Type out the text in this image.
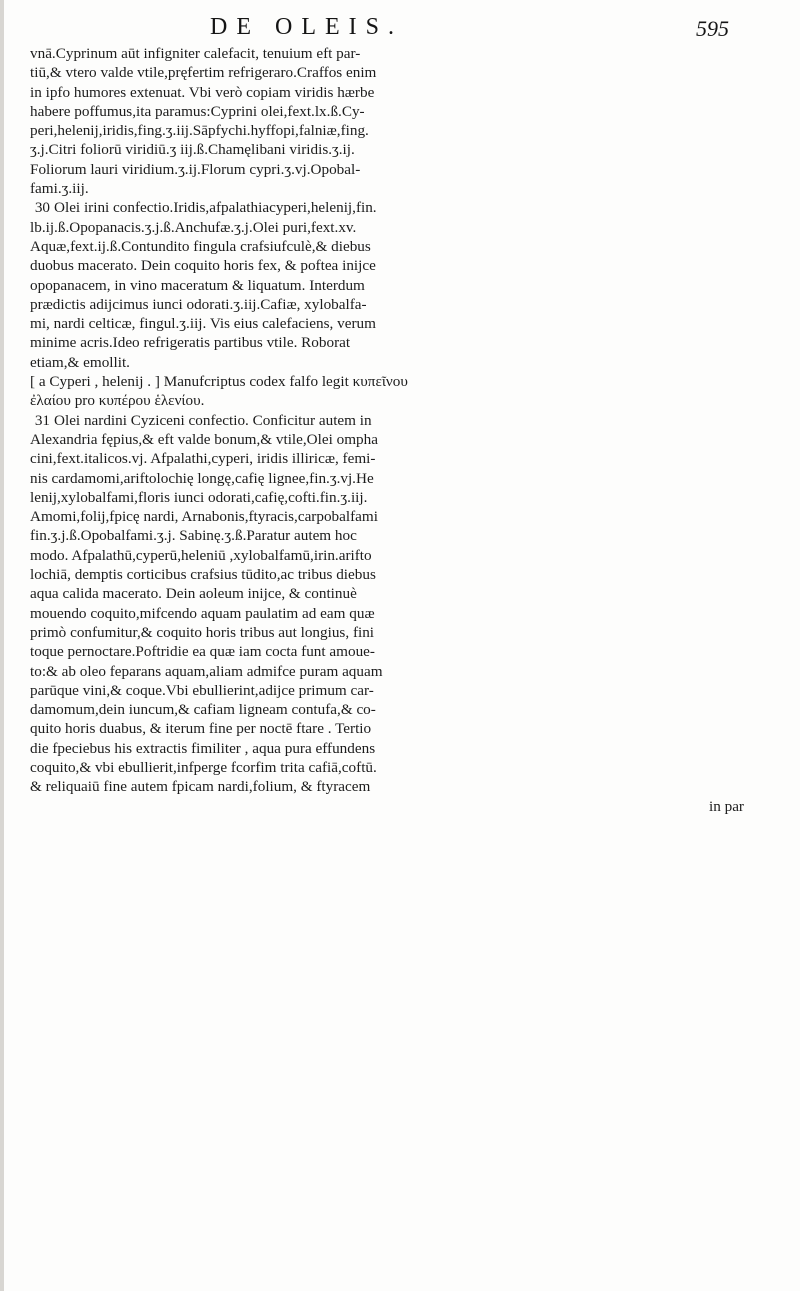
DE OLEIS.	595
vnā.Cyprinum aūt infigniter calefacit, tenuium eft par-
tiū,& vtero valde vtile,pręfertim refrigeraro.Craffos enim
in ipfo humores extenuat. Vbi verò copiam viridis hærbe
habere poffumus,ita paramus:Cyprini olei,fext.lx.ß.Cy-
peri,helenij,iridis,fing.ʒ.iij.Sāpfychi.hyffopi,falniæ,fing.
ʒ.j.Citri foliorū viridiū.ʒ iij.ß.Chamęlibani viridis.ʒ.ij.
Foliorum lauri viridium.ʒ.ij.Florum cypri.ʒ.vj.Opobal-
fami.ʒ.iij.
30 Olei irini confectio.Iridis,afpalathiacyperi,helenij,fin.
lb.ij.ß.Opopanacis.ʒ.j.ß.Anchufæ.ʒ.j.Olei puri,fext.xv.
Aquæ,fext.ij.ß.Contundito fingula crafsiufculè,& diebus
duobus macerato. Dein coquito horis fex, & poftea inijce
opopanacem, in vino maceratum & liquatum. Interdum
prædictis adijcimus iunci odorati.ʒ.iij.Cafiæ, xylobalfa-
mi, nardi celticæ, fingul.ʒ.iij. Vis eius calefaciens, verum
minime acris.Ideo refrigeratis partibus vtile. Roborat
etiam,& emollit.
[ a Cyperi , helenij . ] Manufcriptus codex falfo legit κυπεῖνου
ἐλαίου pro κυπέρου ἑλενίου.
31 Olei nardini Cyziceni confectio. Conficitur autem in
Alexandria fępius,& eft valde bonum,& vtile,Olei ompha
cini,fext.italicos.vj. Afpalathi,cyperi, iridis illiricæ, femi-
nis cardamomi,ariftolochię longę,cafię lignee,fin.ʒ.vj.He
lenij,xylobalfami,floris iunci odorati,cafię,cofti.fin.ʒ.iij.
Amomi,folij,fpicę nardi, Arnabonis,ftyracis,carpobalfami
fin.ʒ.j.ß.Opobalfami.ʒ.j. Sabinę.ʒ.ß.Paratur autem hoc
modo. Afpalathū,cyperū,heleniū ,xylobalfamū,irin.arifto
lochiā, demptis corticibus crafsius tūdito,ac tribus diebus
aqua calida macerato. Dein aoleum inijce, & continuè
mouendo coquito,mifcendo aquam paulatim ad eam quæ
primò confumitur,& coquito horis tribus aut longius, fini
toque pernoctare.Poftridie ea quæ iam cocta funt amoue-
to:& ab oleo feparans aquam,aliam admifce puram aquam
parūque vini,& coque.Vbi ebullierint,adijce primum car-
damomum,dein iuncum,& cafiam ligneam contufa,& co-
quito horis duabus, & iterum fine per noctē ftare . Tertio
die fpeciebus his extractis fimiliter , aqua pura effundens
coquito,& vbi ebullierit,infperge fcorfim trita cafiā,coftū.
& reliquaiū fine autem fpicam nardi,folium, & ftyracem
in par
